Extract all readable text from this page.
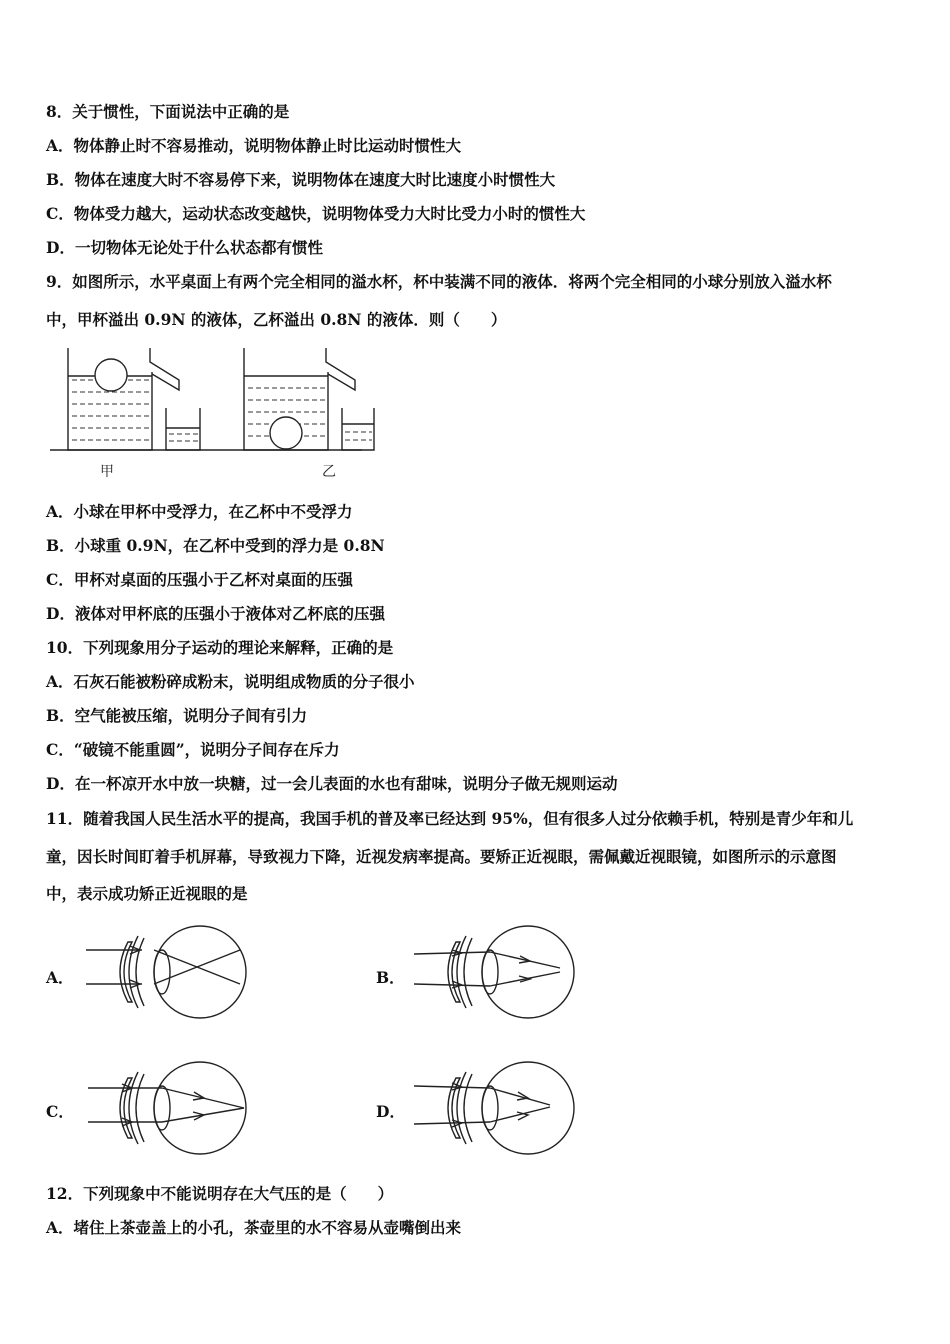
8．关于惯性，下面说法中正确的是
A．物体静止时不容易推动，说明物体静止时比运动时惯性大
B．物体在速度大时不容易停下来，说明物体在速度大时比速度小时惯性大
C．物体受力越大，运动状态改变越快，说明物体受力大时比受力小时的惯性大
D．一切物体无论处于什么状态都有惯性
9．如图所示，水平桌面上有两个完全相同的溢水杯，杯中装满不同的液体．将两个完全相同的小球分别放入溢水杯
中，甲杯溢出 0.9N 的液体，乙杯溢出 0.8N 的液体．则（　　）
甲	乙
A．小球在甲杯中受浮力，在乙杯中不受浮力
B．小球重 0.9N，在乙杯中受到的浮力是 0.8N
C．甲杯对桌面的压强小于乙杯对桌面的压强
D．液体对甲杯底的压强小于液体对乙杯底的压强
10．下列现象用分子运动的理论来解释，正确的是
A．石灰石能被粉碎成粉末，说明组成物质的分子很小
B．空气能被压缩，说明分子间有引力
C．“破镜不能重圆”，说明分子间存在斥力
D．在一杯凉开水中放一块糖，过一会儿表面的水也有甜味，说明分子做无规则运动
11．随着我国人民生活水平的提高，我国手机的普及率已经达到 95%，但有很多人过分依赖手机，特别是青少年和儿
童，因长时间盯着手机屏幕，导致视力下降，近视发病率提高。要矫正近视眼，需佩戴近视眼镜，如图所示的示意图
中，表示成功矫正近视眼的是
A．	B．
C．	D．
12．下列现象中不能说明存在大气压的是（　　）
A．堵住上茶壶盖上的小孔，茶壶里的水不容易从壶嘴倒出来
